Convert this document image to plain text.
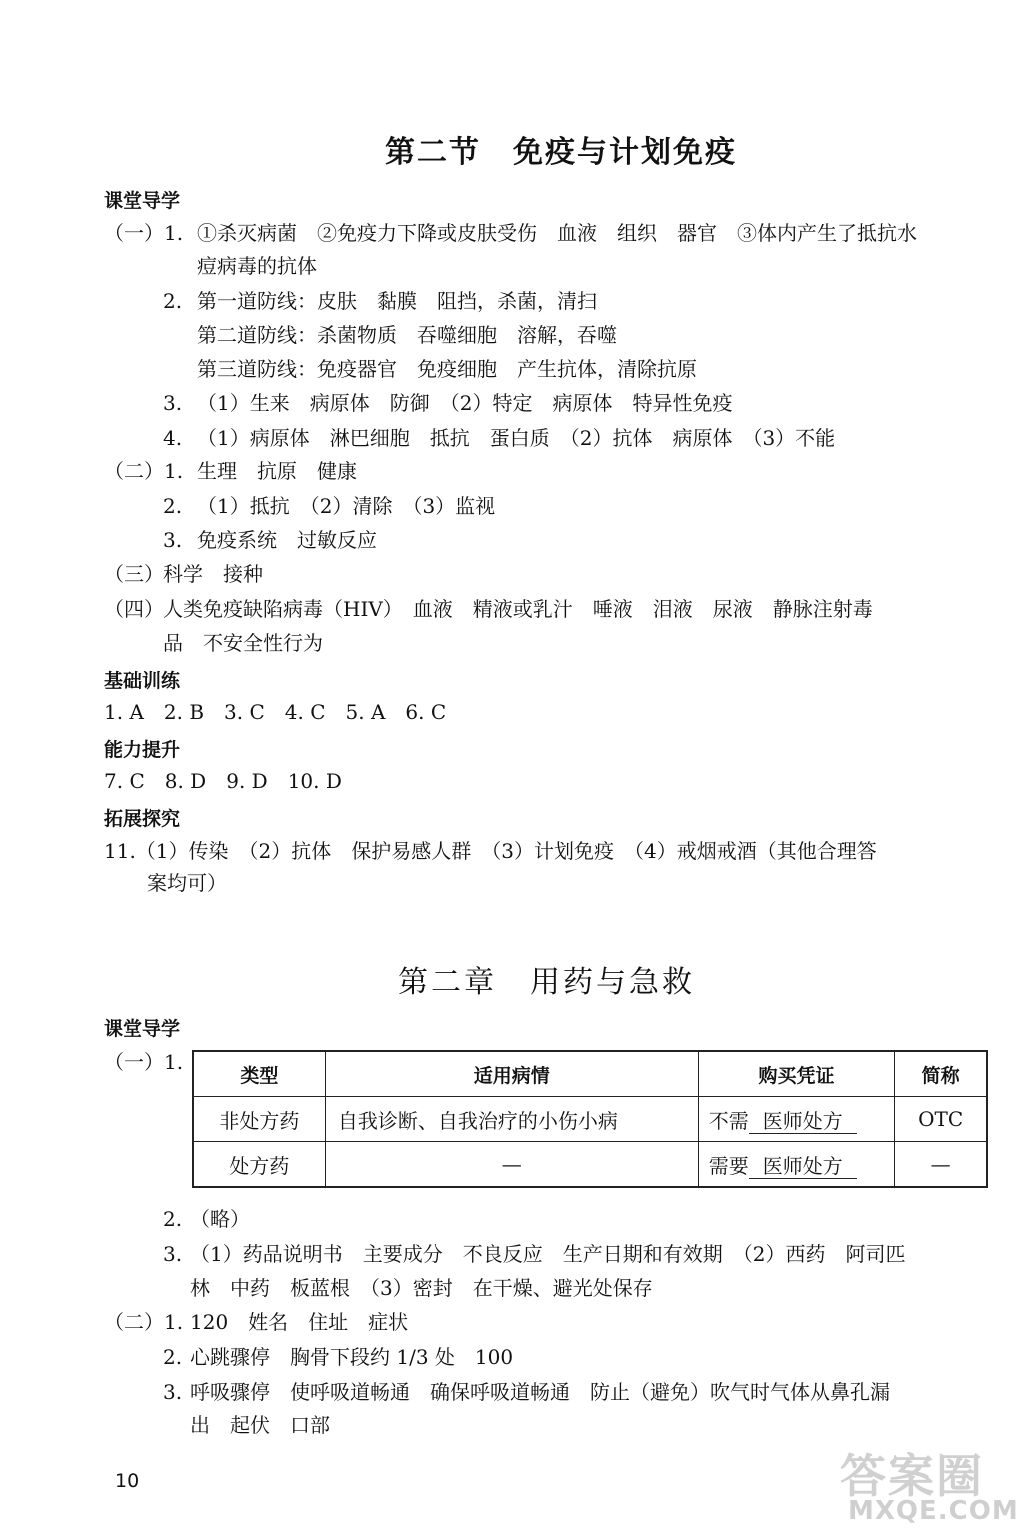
第二节　免疫与计划免疫
课堂导学
（一）1. ①杀灭病菌　②免疫力下降或皮肤受伤　血液　组织　器官　③体内产生了抵抗水
痘病毒的抗体
2. 第一道防线：皮肤　黏膜　阻挡，杀菌，清扫
第二道防线：杀菌物质　吞噬细胞　溶解，吞噬
第三道防线：免疫器官　免疫细胞　产生抗体，清除抗原
3. （1）生来　病原体　防御　（2）特定　病原体　特异性免疫
4. （1）病原体　淋巴细胞　抵抗　蛋白质　（2）抗体　病原体　（3）不能
（二）1. 生理　抗原　健康
2. （1）抵抗　（2）清除　（3）监视
3. 免疫系统　过敏反应
（三） 科学　接种
（四） 人类免疫缺陷病毒（HIV）　血液　精液或乳汁　唾液　泪液　尿液　静脉注射毒
品　不安全性行为
基础训练
1. A　2. B　3. C　4. C　5. A　6. C
能力提升
7. C　8. D　9. D　10. D
拓展探究
11.（1）传染　（2）抗体　保护易感人群　（3）计划免疫　（4）戒烟戒酒（其他合理答
案均可）
第二章　用药与急救
课堂导学
（一）1.
类型	适用病情	购买凭证	简称
非处方药	自我诊断、自我治疗的小伤小病	不需 医师处方	OTC
处方药	—	需要 医师处方	—
2. （略）
3. （1）药品说明书　主要成分　不良反应　生产日期和有效期　（2）西药　阿司匹
林　中药　板蓝根　（3）密封　在干燥、避光处保存
（二）1. 120　姓名　住址　症状
2. 心跳骤停　胸骨下段约 1/3 处　100
3. 呼吸骤停　使呼吸道畅通　确保呼吸道畅通　防止（避免）吹气时气体从鼻孔漏
出　起伏　口部
10	答案圈
MXQE.COM
